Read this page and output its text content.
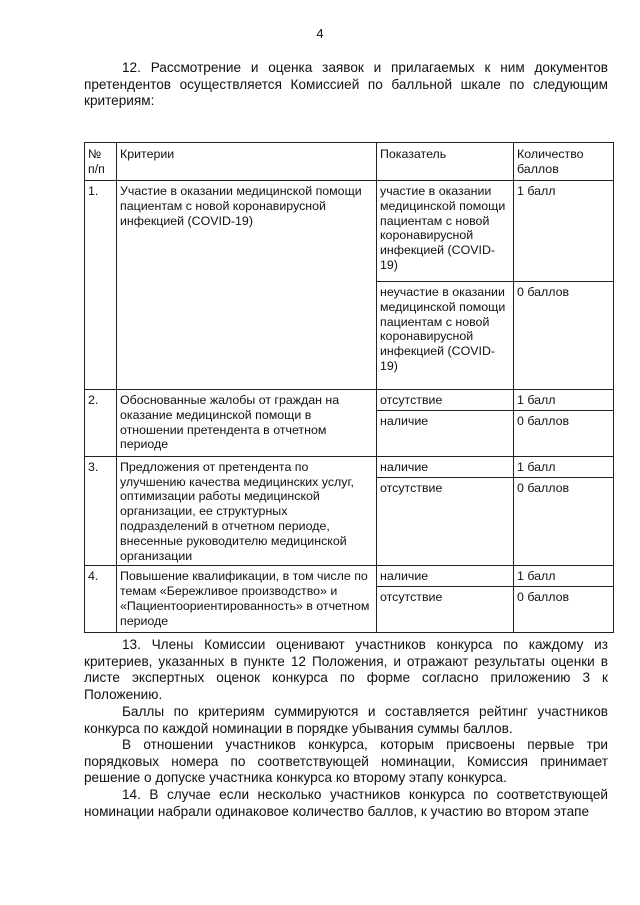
4

12. Рассмотрение и оценка заявок и прилагаемых к ним документов претендентов осуществляется Комиссией по балльной шкале по следующим критериям:

№ п/п	Критерии	Показатель	Количество баллов
1.	Участие в оказании медицинской помощи пациентам с новой коронавирусной инфекцией (COVID-19)	участие в оказании медицинской помощи пациентам с новой коронавирусной инфекцией (COVID-19)	1 балл
		неучастие в оказании медицинской помощи пациентам с новой коронавирусной инфекцией (COVID-19)	0 баллов
2.	Обоснованные жалобы от граждан на оказание медицинской помощи в отношении претендента в отчетном периоде	отсутствие	1 балл
		наличие	0 баллов
3.	Предложения от претендента по улучшению качества медицинских услуг, оптимизации работы медицинской организации, ее структурных подразделений в отчетном периоде, внесенные руководителю медицинской организации	наличие	1 балл
		отсутствие	0 баллов
4.	Повышение квалификации, в том числе по темам «Бережливое производство» и «Пациентоориентированность» в отчетном периоде	наличие	1 балл
		отсутствие	0 баллов

13. Члены Комиссии оценивают участников конкурса по каждому из критериев, указанных в пункте 12 Положения, и отражают результаты оценки в листе экспертных оценок конкурса по форме согласно приложению 3 к Положению.

Баллы по критериям суммируются и составляется рейтинг участников конкурса по каждой номинации в порядке убывания суммы баллов.

В отношении участников конкурса, которым присвоены первые три порядковых номера по соответствующей номинации, Комиссия принимает решение о допуске участника конкурса ко второму этапу конкурса.

14. В случае если несколько участников конкурса по соответствующей номинации набрали одинаковое количество баллов, к участию во втором этапе
